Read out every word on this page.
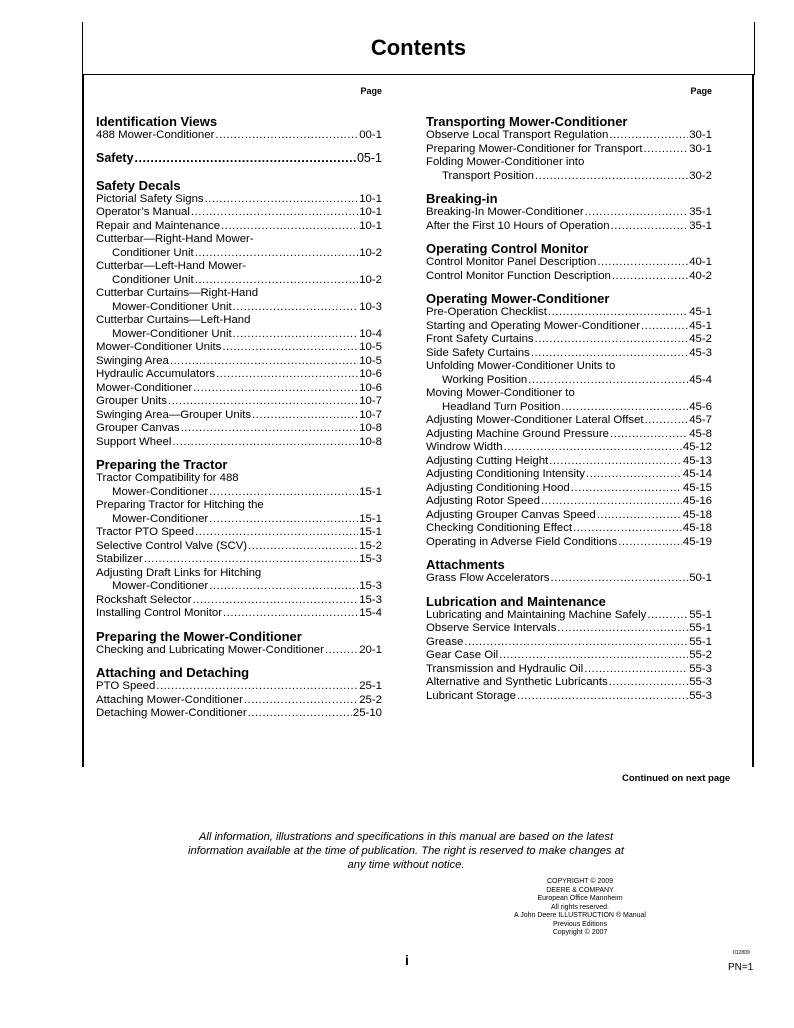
Contents
Page
Identification Views
488 Mower-Conditioner .....	00-1
Safety .....	05-1
Safety Decals
Pictorial Safety Signs .....	10-1
Operator’s Manual .....	10-1
Repair and Maintenance .....	10-1
Cutterbar—Right-Hand Mower-
Conditioner Unit .....	10-2
Cutterbar—Left-Hand Mower-
Conditioner Unit .....	10-2
Cutterbar Curtains—Right-Hand
Mower-Conditioner Unit .....	10-3
Cutterbar Curtains—Left-Hand
Mower-Conditioner Unit .....	10-4
Mower-Conditioner Units .....	10-5
Swinging Area .....	10-5
Hydraulic Accumulators .....	10-6
Mower-Conditioner .....	10-6
Grouper Units .....	10-7
Swinging Area—Grouper Units .....	10-7
Grouper Canvas .....	10-8
Support Wheel .....	10-8
Preparing the Tractor
Tractor Compatibility for 488
Mower-Conditioner .....	15-1
Preparing Tractor for Hitching the
Mower-Conditioner .....	15-1
Tractor PTO Speed .....	15-1
Selective Control Valve (SCV) .....	15-2
Stabilizer .....	15-3
Adjusting Draft Links for Hitching
Mower-Conditioner .....	15-3
Rockshaft Selector .....	15-3
Installing Control Monitor .....	15-4
Preparing the Mower-Conditioner
Checking and Lubricating Mower-Conditioner .....	20-1
Attaching and Detaching
PTO Speed .....	25-1
Attaching Mower-Conditioner .....	25-2
Detaching Mower-Conditioner .....	25-10
Page
Transporting Mower-Conditioner
Observe Local Transport Regulation .....	30-1
Preparing Mower-Conditioner for Transport .....	30-1
Folding Mower-Conditioner into
Transport Position .....	30-2
Breaking-in
Breaking-In Mower-Conditioner .....	35-1
After the First 10 Hours of Operation .....	35-1
Operating Control Monitor
Control Monitor Panel Description .....	40-1
Control Monitor Function Description .....	40-2
Operating Mower-Conditioner
Pre-Operation Checklist .....	45-1
Starting and Operating Mower-Conditioner .....	45-1
Front Safety Curtains .....	45-2
Side Safety Curtains .....	45-3
Unfolding Mower-Conditioner Units to
Working Position .....	45-4
Moving Mower-Conditioner to
Headland Turn Position .....	45-6
Adjusting Mower-Conditioner Lateral Offset .....	45-7
Adjusting Machine Ground Pressure .....	45-8
Windrow Width .....	45-12
Adjusting Cutting Height .....	45-13
Adjusting Conditioning Intensity .....	45-14
Adjusting Conditioning Hood .....	45-15
Adjusting Rotor Speed .....	45-16
Adjusting Grouper Canvas Speed .....	45-18
Checking Conditioning Effect .....	45-18
Operating in Adverse Field Conditions .....	45-19
Attachments
Grass Flow Accelerators .....	50-1
Lubrication and Maintenance
Lubricating and Maintaining Machine Safely .....	55-1
Observe Service Intervals .....	55-1
Grease .....	55-1
Gear Case Oil .....	55-2
Transmission and Hydraulic Oil .....	55-3
Alternative and Synthetic Lubricants .....	55-3
Lubricant Storage .....	55-3
Continued on next page
All information, illustrations and specifications in this manual are based on the latest information available at the time of publication. The right is reserved to make changes at any time without notice.
COPYRIGHT © 2009
DEERE & COMPANY
European Office Mannheim
All rights reserved.
A John Deere ILLUSTRUCTION ® Manual
Previous Editions
Copyright © 2007
i	012809
PN=1
